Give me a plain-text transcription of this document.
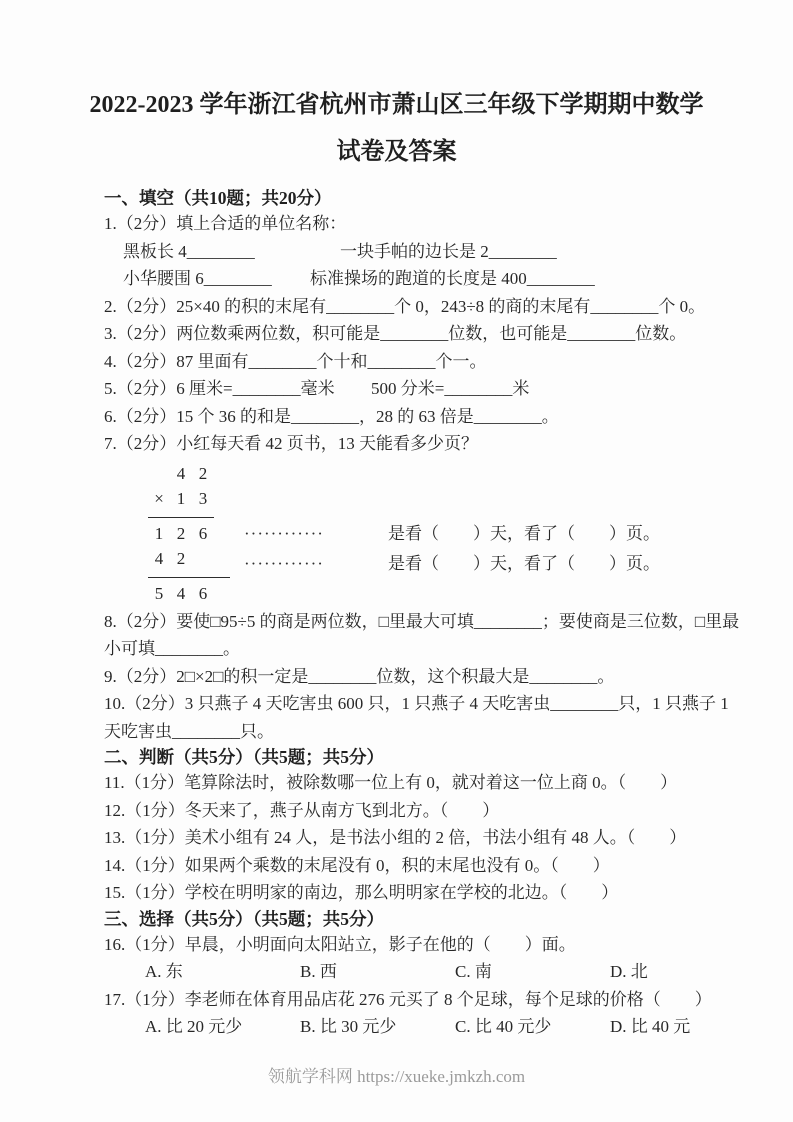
2022-2023 学年浙江省杭州市萧山区三年级下学期期中数学
试卷及答案
一、填空（共10题；共20分）

1.（2分）填上合适的单位名称：

黑板长 4________	一块手帕的边长是 2________
小华腰围 6________	标准操场的跑道的长度是 400________

2.（2分）25×40 的积的末尾有________个 0，243÷8 的商的末尾有________个 0。

3.（2分）两位数乘两位数，积可能是________位数，也可能是________位数。

4.（2分）87 里面有________个十和________个一。

5.（2分）6 厘米=________毫米 500 分米=________米

6.（2分）15 个 36 的和是________，28 的 63 倍是________。

7.（2分）小红每天看 42 页书，13 天能看多少页？

4 2
× 1 3
1 2 6	············	是看（　　）天，看了（　　）页。
4 2	············	是看（　　）天，看了（　　）页。
5 4 6

8.（2分）要使□95÷5 的商是两位数，□里最大可填________；要使商是三位数，□里最小可填________。

9.（2分）2□×2□的积一定是________位数，这个积最大是________。

10.（2分）3 只燕子 4 天吃害虫 600 只，1 只燕子 4 天吃害虫________只，1 只燕子 1 天吃害虫________只。

二、判断（共5分）（共5题；共5分）

11.（1分）笔算除法时，被除数哪一位上有 0，就对着这一位上商 0。（　　）

12.（1分）冬天来了，燕子从南方飞到北方。（　　）

13.（1分）美术小组有 24 人，是书法小组的 2 倍，书法小组有 48 人。（　　）

14.（1分）如果两个乘数的末尾没有 0，积的末尾也没有 0。（　　）

15.（1分）学校在明明家的南边，那么明明家在学校的北边。（　　）

三、选择（共5分）（共5题；共5分）

16.（1分）早晨，小明面向太阳站立，影子在他的（　　）面。

A. 东	B. 西	C. 南	D. 北

17.（1分）李老师在体育用品店花 276 元买了 8 个足球，每个足球的价格（　　）

A. 比 20 元少	B. 比 30 元少	C. 比 40 元少	D. 比 40 元
领航学科网 https://xueke.jmkzh.com
